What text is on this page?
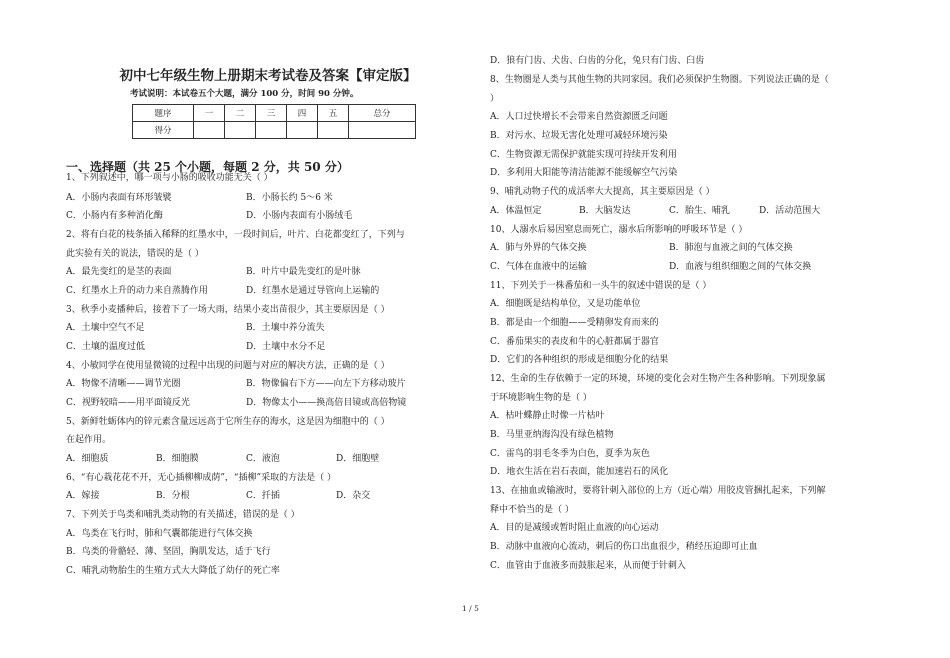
初中七年级生物上册期末考试卷及答案【审定版】
考试说明：本试卷五个大题，满分 100 分，时间 90 分钟。
题序	一	二	三	四	五	总分
得分						
一、选择题（共 25 个小题，每题 2 分，共 50 分）
1、下列叙述中，哪一项与小肠的吸收功能无关（ ）
A．小肠内表面有环形皱襞	B．小肠长约 5～6 米
C．小肠内有多种消化酶	D．小肠内表面有小肠绒毛
2、将有白花的枝条插入稀释的红墨水中，一段时间后，叶片、白花都变红了，下列与
此实验有关的说法，错误的是（ ）
A．最先变红的是茎的表面	B．叶片中最先变红的是叶脉
C．红墨水上升的动力来自蒸腾作用	D．红墨水是通过导管向上运输的
3、秋季小麦播种后，接着下了一场大雨，结果小麦出苗很少，其主要原因是（ ）
A．土壤中空气不足	B．土壤中养分流失
C．土壤的温度过低	D．土壤中水分不足
4、小敏同学在使用显微镜的过程中出现的问题与对应的解决方法，正确的是（ ）
A．物像不清晰——调节光圈	B．物像偏右下方——向左下方移动玻片
C．视野较暗——用平面镜反光	D．物像太小——换高倍目镜或高倍物镜
5、新鲜牡蛎体内的锌元素含量远远高于它所生存的海水，这是因为细胞中的（ ）
在起作用。
A．细胞质	B．细胞膜	C．液泡	D．细胞壁
6、“有心栽花花不开，无心插柳柳成荫”，“插柳”采取的方法是（ ）
A．嫁接	B．分根	C．扦插	D．杂交
7、下列关于鸟类和哺乳类动物的有关描述，错误的是（ ）
A．鸟类在飞行时，肺和气囊都能进行气体交换
B．鸟类的骨骼轻、薄、坚固，胸肌发达，适于飞行
C．哺乳动物胎生的生殖方式大大降低了幼仔的死亡率
D．狼有门齿、犬齿、臼齿的分化，兔只有门齿、臼齿
8、生物圈是人类与其他生物的共同家园。我们必须保护生物圈。下列说法正确的是（
）
A．人口过快增长不会带来自然资源匮乏问题
B．对污水、垃圾无害化处理可减轻环境污染
C．生物资源无需保护就能实现可持续开发利用
D．多利用大阳能等清洁能源不能缓解空气污染
9、哺乳动物子代的成活率大大提高，其主要原因是（ ）
A．体温恒定	B．大脑发达	C．胎生、哺乳	D．活动范围大
10、人溺水后易因窒息而死亡，溺水后所影响的呼吸环节是（ ）
A．肺与外界的气体交换	B．肺泡与血液之间的气体交换
C．气体在血液中的运输	D．血液与组织细胞之间的气体交换
11、下列关于一株番茄和一头牛的叙述中错误的是（ ）
A．细胞既是结构单位，又是功能单位
B．都是由一个细胞——受精卵发育而来的
C．番茄果实的表皮和牛的心脏都属于器官
D．它们的各种组织的形成是细胞分化的结果
12、生命的生存依赖于一定的环境，环境的变化会对生物产生各种影响。下列现象属
于环境影响生物的是（ ）
A．枯叶蝶静止时像一片枯叶
B．马里亚纳海沟没有绿色植物
C．雷鸟的羽毛冬季为白色，夏季为灰色
D．地衣生活在岩石表面，能加速岩石的风化
13、在抽血或输液时，要将针刺入部位的上方（近心端）用胶皮管捆扎起来，下列解
释中不恰当的是（ ）
A．目的是减缓或暂时阻止血液的向心运动
B．动脉中血液向心流动，刺后的伤口出血很少，稍经压迫即可止血
C．血管由于血液多而鼓胀起来，从而便于针刺入
1 / 5
